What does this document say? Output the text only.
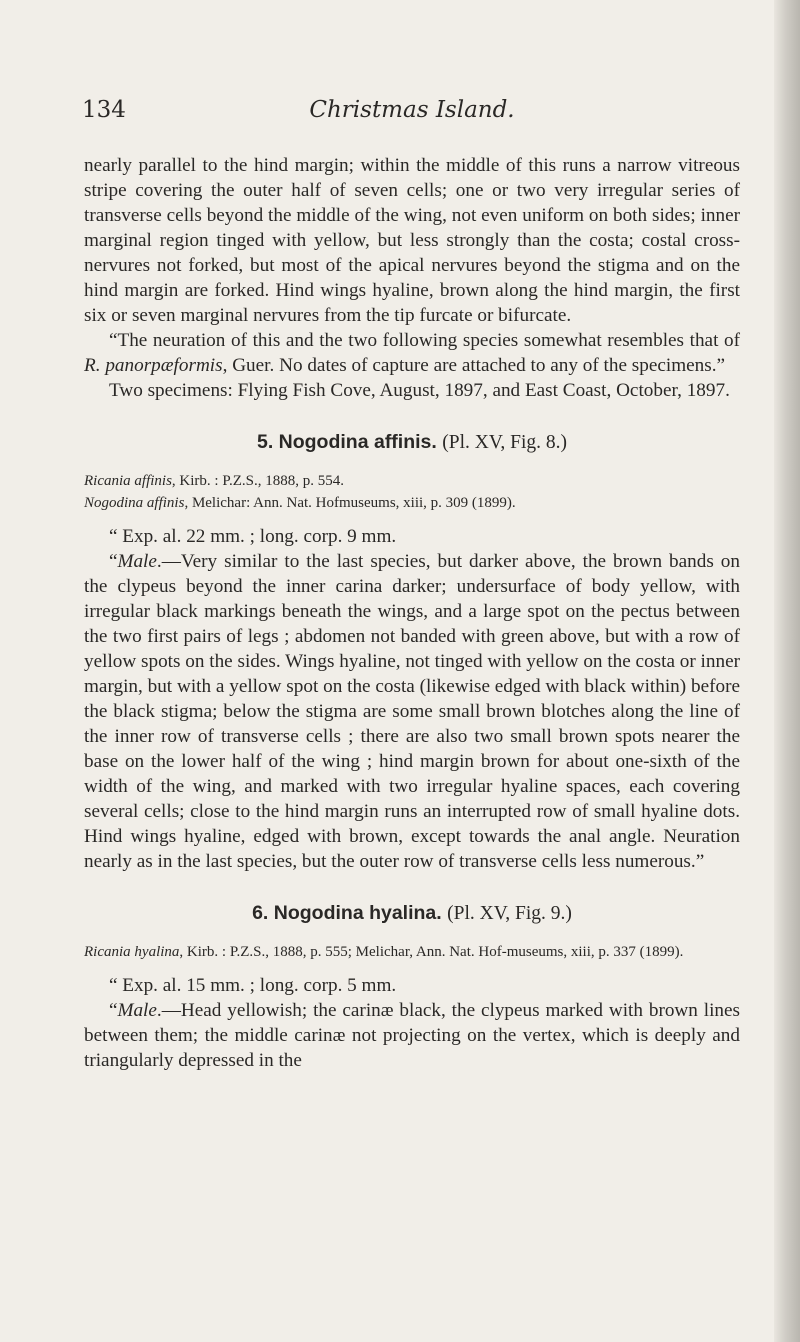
134	Christmas Island.

nearly parallel to the hind margin; within the middle of this runs a narrow vitreous stripe covering the outer half of seven cells; one or two very irregular series of transverse cells beyond the middle of the wing, not even uniform on both sides; inner marginal region tinged with yellow, but less strongly than the costa; costal cross-nervures not forked, but most of the apical nervures beyond the stigma and on the hind margin are forked. Hind wings hyaline, brown along the hind margin, the first six or seven marginal nervures from the tip furcate or bifurcate.

“The neuration of this and the two following species somewhat resembles that of R. panorpæformis, Guer. No dates of capture are attached to any of the specimens.”

Two specimens: Flying Fish Cove, August, 1897, and East Coast, October, 1897.

5. Nogodina affinis. (Pl. XV, Fig. 8.)

Ricania affinis, Kirb. : P.Z.S., 1888, p. 554.

Nogodina affinis, Melichar: Ann. Nat. Hofmuseums, xiii, p. 309 (1899).

“ Exp. al. 22 mm. ; long. corp. 9 mm.

“Male.—Very similar to the last species, but darker above, the brown bands on the clypeus beyond the inner carina darker; undersurface of body yellow, with irregular black markings beneath the wings, and a large spot on the pectus between the two first pairs of legs ; abdomen not banded with green above, but with a row of yellow spots on the sides. Wings hyaline, not tinged with yellow on the costa or inner margin, but with a yellow spot on the costa (likewise edged with black within) before the black stigma; below the stigma are some small brown blotches along the line of the inner row of transverse cells ; there are also two small brown spots nearer the base on the lower half of the wing ; hind margin brown for about one-sixth of the width of the wing, and marked with two irregular hyaline spaces, each covering several cells; close to the hind margin runs an interrupted row of small hyaline dots. Hind wings hyaline, edged with brown, except towards the anal angle. Neuration nearly as in the last species, but the outer row of transverse cells less numerous.”

6. Nogodina hyalina. (Pl. XV, Fig. 9.)

Ricania hyalina, Kirb. : P.Z.S., 1888, p. 555; Melichar, Ann. Nat. Hof-museums, xiii, p. 337 (1899).

“ Exp. al. 15 mm. ; long. corp. 5 mm.

“Male.—Head yellowish; the carinæ black, the clypeus marked with brown lines between them; the middle carinæ not projecting on the vertex, which is deeply and triangularly depressed in the
